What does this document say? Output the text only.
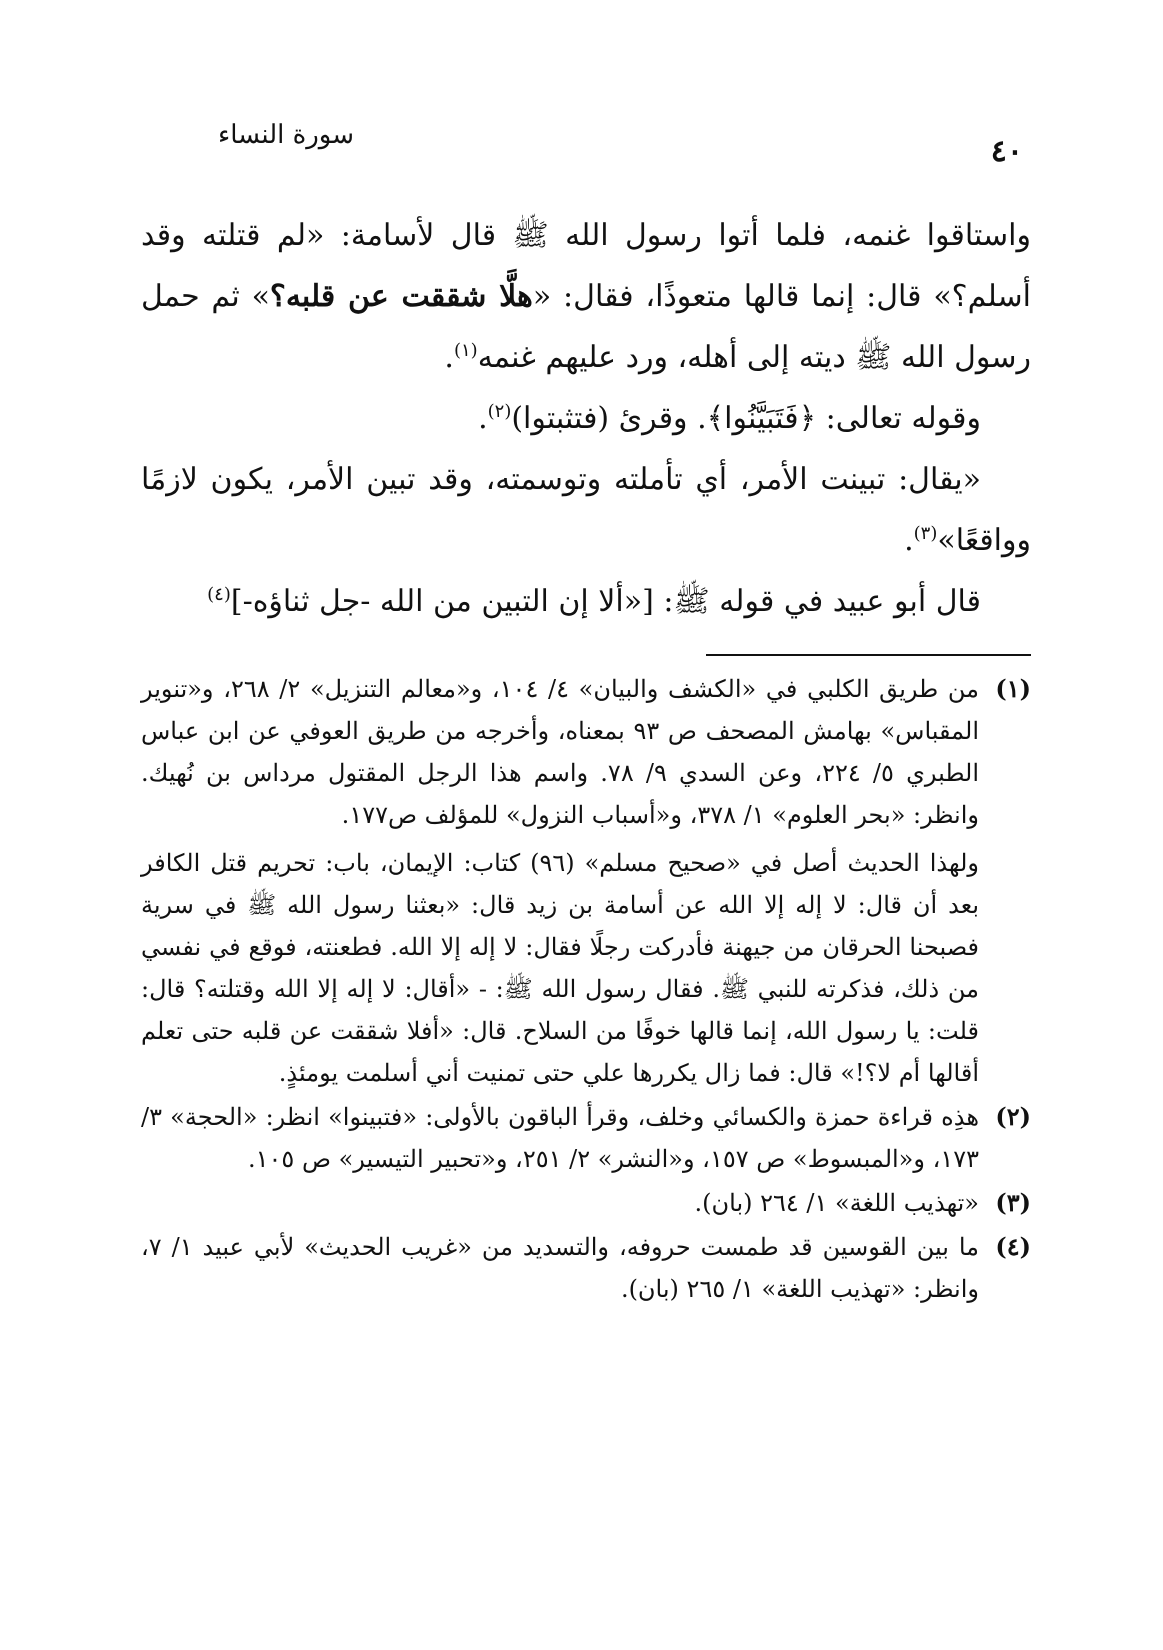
٤٠
سورة النساء

واستاقوا غنمه، فلما أتوا رسول الله ﷺ قال لأسامة: «لم قتلته وقد أسلم؟» قال: إنما قالها متعوذًا، فقال: «هلَّا شققت عن قلبه؟» ثم حمل رسول الله ﷺ ديته إلى أهله، ورد عليهم غنمه$^{(١)}$.

وقوله تعالى: ﴿فَتَبَيَّنُوا﴾. وقرئ (فتثبتوا)$^{(٢)}$.

«يقال: تبينت الأمر، أي تأملته وتوسمته، وقد تبين الأمر، يكون لازمًا وواقعًا»$^{(٣)}$.

قال أبو عبيد في قوله ﷺ: [«ألا إن التبين من الله -جل ثناؤه-]$^{(٤)}$

(١)

من طريق الكلبي في «الكشف والبيان» ٤/ ١٠٤، و«معالم التنزيل» ٢/ ٢٦٨، و«تنوير المقباس» بهامش المصحف ص ٩٣ بمعناه، وأخرجه من طريق العوفي عن ابن عباس الطبري ٥/ ٢٢٤، وعن السدي ٩/ ٧٨. واسم هذا الرجل المقتول مرداس بن نُهيك. وانظر: «بحر العلوم» ١/ ٣٧٨، و«أسباب النزول» للمؤلف ص١٧٧.

ولهذا الحديث أصل في «صحيح مسلم» (٩٦) كتاب: الإيمان، باب: تحريم قتل الكافر بعد أن قال: لا إله إلا الله عن أسامة بن زيد قال: «بعثنا رسول الله ﷺ في سرية فصبحنا الحرقان من جيهنة فأدركت رجلًا فقال: لا إله إلا الله. فطعنته، فوقع في نفسي من ذلك، فذكرته للنبي ﷺ. فقال رسول الله ﷺ: - «أقال: لا إله إلا الله وقتلته؟ قال: قلت: يا رسول الله، إنما قالها خوفًا من السلاح. قال: «أفلا شققت عن قلبه حتى تعلم أقالها أم لا؟!» قال: فما زال يكررها علي حتى تمنيت أني أسلمت يومئذٍ.

(٢)

هذِه قراءة حمزة والكسائي وخلف، وقرأ الباقون بالأولى: «فتبينوا» انظر: «الحجة» ٣/ ١٧٣، و«المبسوط» ص ١٥٧، و«النشر» ٢/ ٢٥١، و«تحبير التيسير» ص ١٠٥.

(٣)

«تهذيب اللغة» ١/ ٢٦٤ (بان).

(٤)

ما بين القوسين قد طمست حروفه، والتسديد من «غريب الحديث» لأبي عبيد ١/ ٧، وانظر: «تهذيب اللغة» ١/ ٢٦٥ (بان).
